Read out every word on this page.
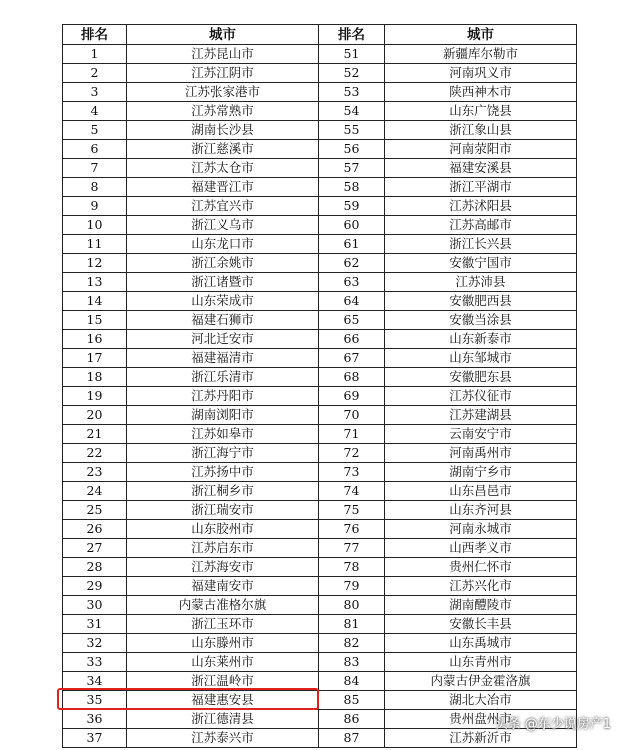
排名	城市	排名	城市
1	江苏昆山市	51	新疆库尔勒市
2	江苏江阴市	52	河南巩义市
3	江苏张家港市	53	陕西神木市
4	江苏常熟市	54	山东广饶县
5	湖南长沙县	55	浙江象山县
6	浙江慈溪市	56	河南荥阳市
7	江苏太仓市	57	福建安溪县
8	福建晋江市	58	浙江平湖市
9	江苏宜兴市	59	江苏沭阳县
10	浙江义乌市	60	江苏高邮市
11	山东龙口市	61	浙江长兴县
12	浙江余姚市	62	安徽宁国市
13	浙江诸暨市	63	江苏沛县
14	山东荣成市	64	安徽肥西县
15	福建石狮市	65	安徽当涂县
16	河北迁安市	66	山东新泰市
17	福建福清市	67	山东邹城市
18	浙江乐清市	68	安徽肥东县
19	江苏丹阳市	69	江苏仪征市
20	湖南浏阳市	70	江苏建湖县
21	江苏如皋市	71	云南安宁市
22	浙江海宁市	72	河南禹州市
23	江苏扬中市	73	湖南宁乡市
24	浙江桐乡市	74	山东昌邑市
25	浙江瑞安市	75	山东齐河县
26	山东胶州市	76	河南永城市
27	江苏启东市	77	山西孝义市
28	江苏海安市	78	贵州仁怀市
29	福建南安市	79	江苏兴化市
30	内蒙古准格尔旗	80	湖南醴陵市
31	浙江玉环市	81	安徽长丰县
32	山东滕州市	82	山东禹城市
33	山东莱州市	83	山东青州市
34	浙江温岭市	84	内蒙古伊金霍洛旗
35	福建惠安县	85	湖北大冶市
36	浙江德清县	86	贵州盘州市
37	江苏泰兴市	87	江苏新沂市
头条 @东少说房产1
